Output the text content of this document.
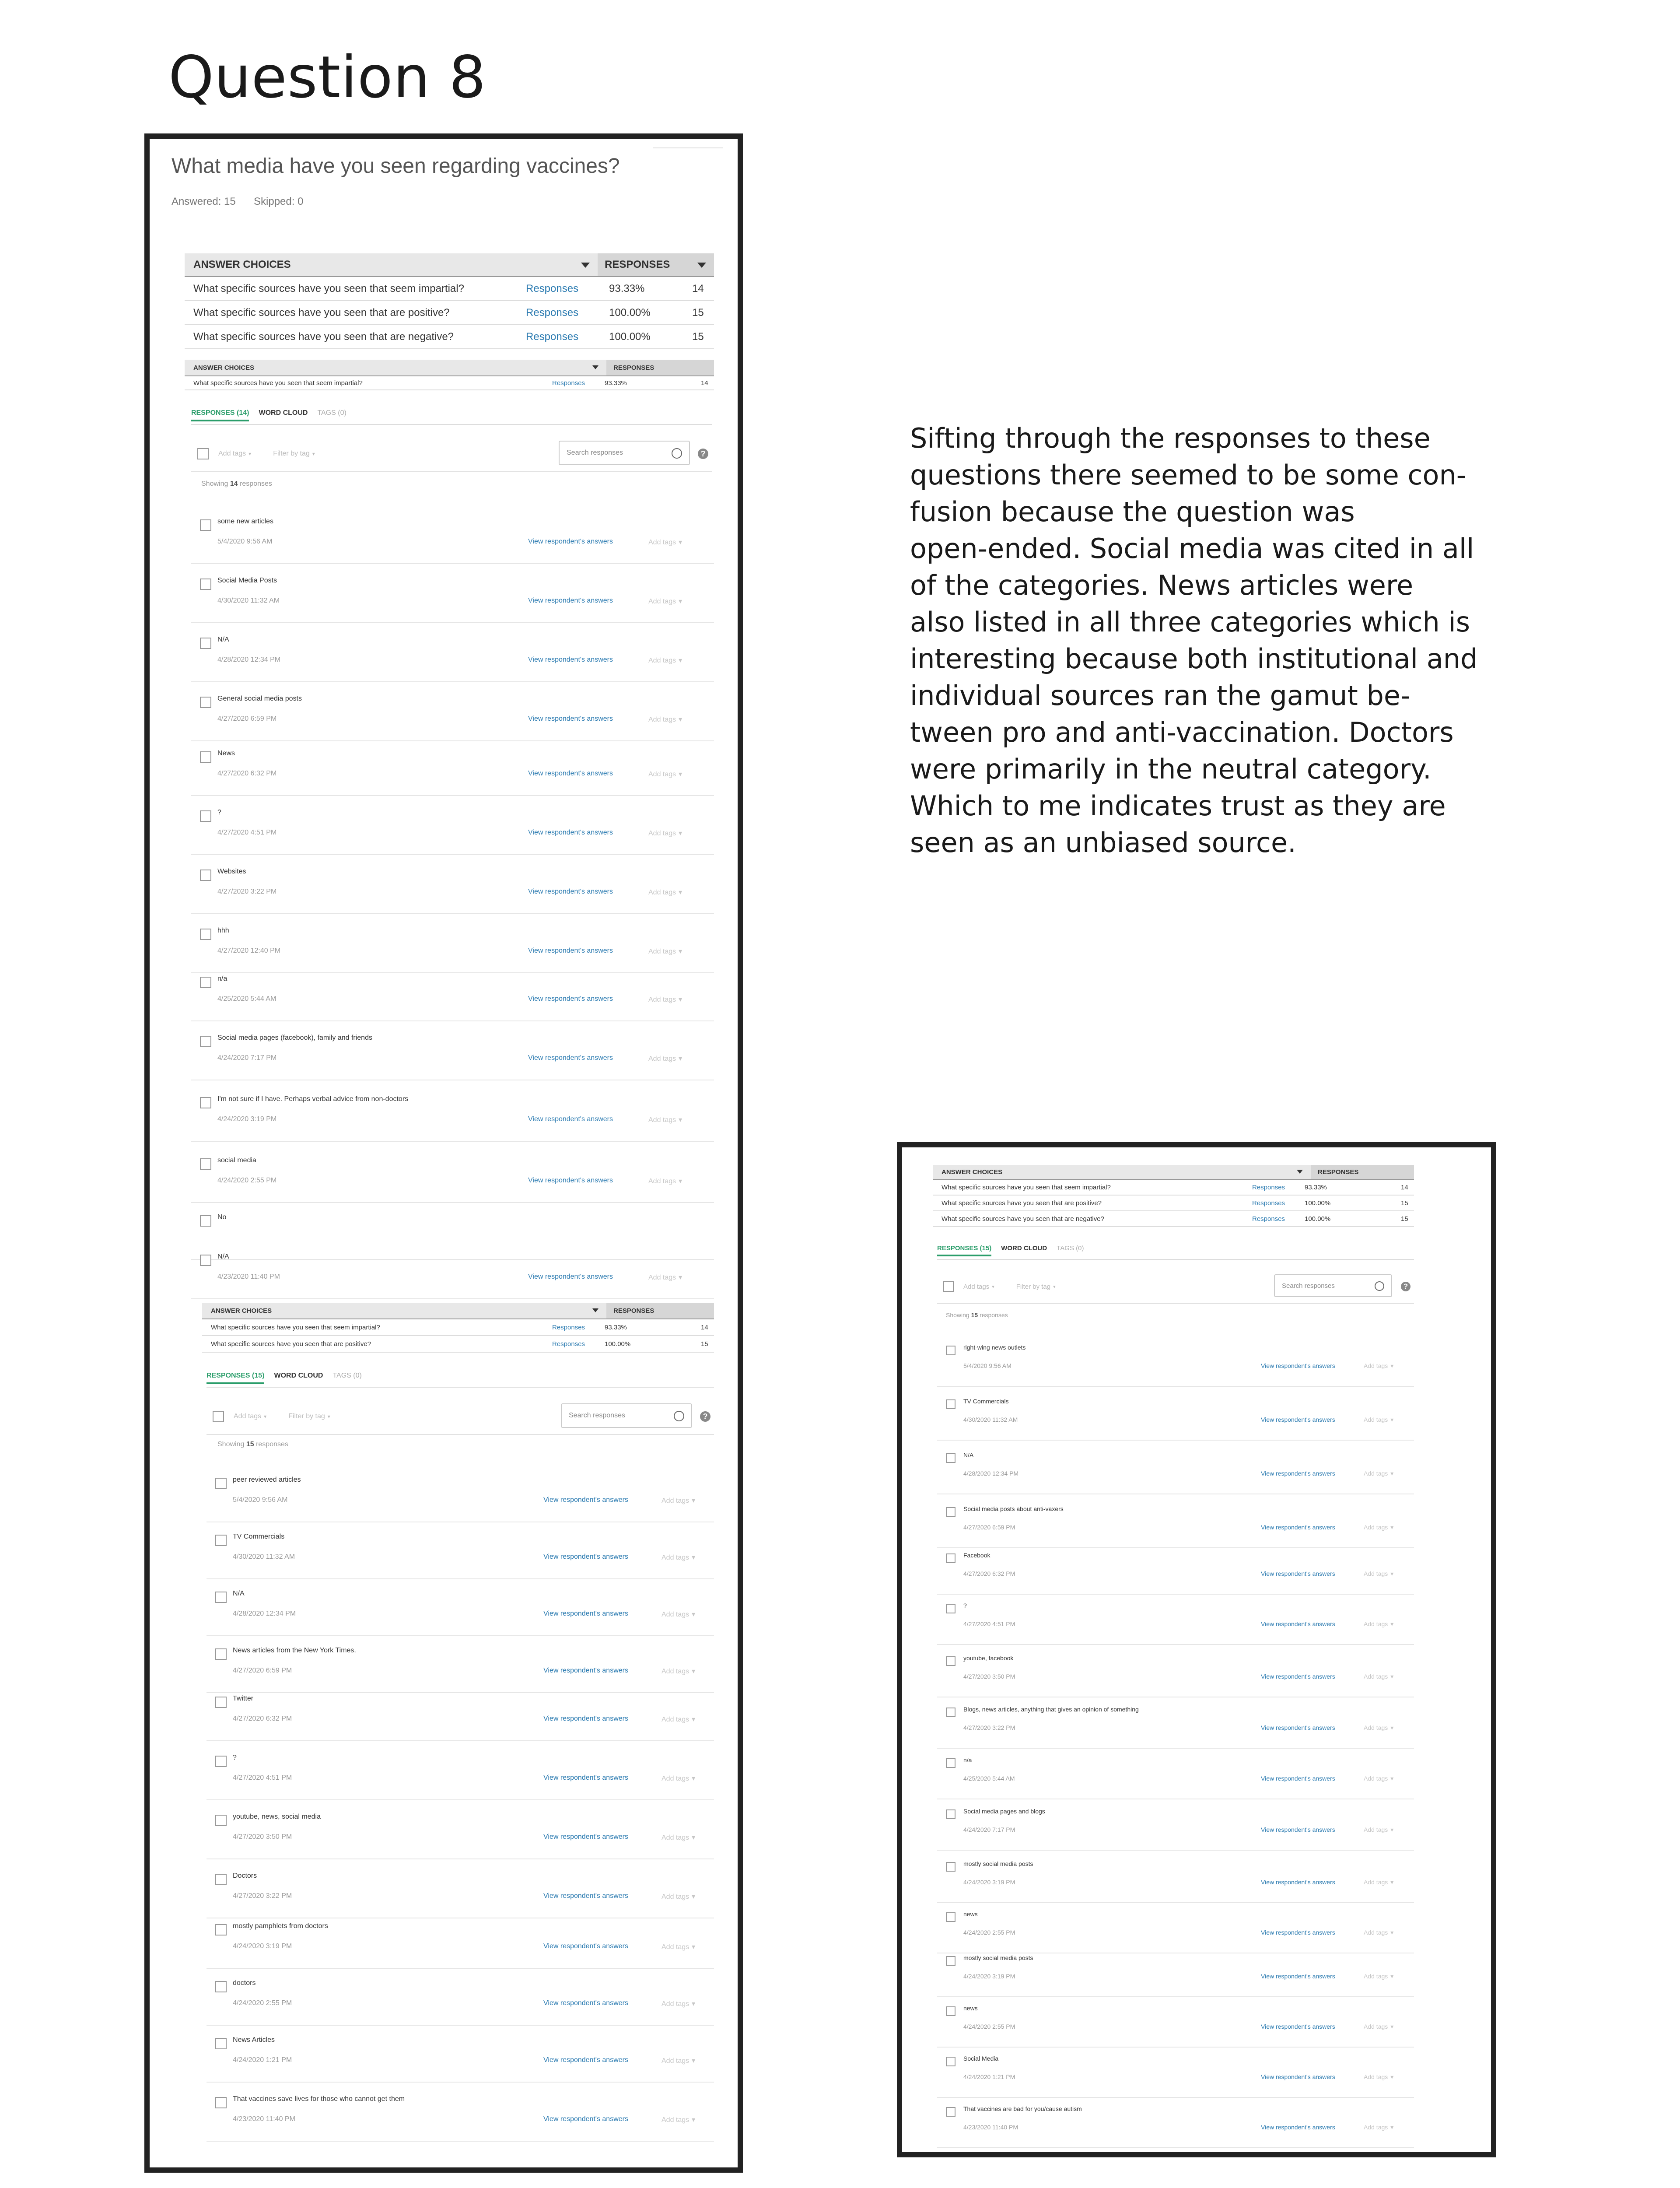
Question 8
Sifting through the responses to these
questions there seemed to be some con-
fusion because the question was
open-ended. Social media was cited in all
of the categories. News articles were
also listed in all three categories which is
interesting because both institutional and
individual sources ran the gamut be-
tween pro and anti-vaccination. Doctors
were primarily in the neutral category.
Which to me indicates trust as they are
seen as an unbiased source.
What media have you seen regarding vaccines?
Answered: 15 Skipped: 0
ANSWER CHOICES	RESPONSES
What specific sources have you seen that seem impartial?	Responses	93.33%	14
What specific sources have you seen that are positive?	Responses	100.00%	15
What specific sources have you seen that are negative?	Responses	100.00%	15
ANSWER CHOICES	RESPONSES
What specific sources have you seen that seem impartial?	Responses	93.33%	14
RESPONSES (14) WORD CLOUD TAGS (0)
Add tags ▾	Filter by tag ▾	Search responses	?
Showing 14 responses
some new articles
5/4/2020 9:56 AM	View respondent's answers	Add tags ▾
Social Media Posts
4/30/2020 11:32 AM	View respondent's answers	Add tags ▾
N/A
4/28/2020 12:34 PM	View respondent's answers	Add tags ▾
General social media posts
4/27/2020 6:59 PM	View respondent's answers	Add tags ▾
News
4/27/2020 6:32 PM	View respondent's answers	Add tags ▾
?
4/27/2020 4:51 PM	View respondent's answers	Add tags ▾
Websites
4/27/2020 3:22 PM	View respondent's answers	Add tags ▾
hhh
4/27/2020 12:40 PM	View respondent's answers	Add tags ▾
n/a
4/25/2020 5:44 AM	View respondent's answers	Add tags ▾
Social media pages (facebook), family and friends
4/24/2020 7:17 PM	View respondent's answers	Add tags ▾
I'm not sure if I have. Perhaps verbal advice from non-doctors
4/24/2020 3:19 PM	View respondent's answers	Add tags ▾
social media
4/24/2020 2:55 PM	View respondent's answers	Add tags ▾
No
N/A
4/23/2020 11:40 PM	View respondent's answers	Add tags ▾
ANSWER CHOICES	RESPONSES
What specific sources have you seen that seem impartial?	Responses	93.33%	14
What specific sources have you seen that are positive?	Responses	100.00%	15
RESPONSES (15) WORD CLOUD TAGS (0)
Add tags ▾	Filter by tag ▾	Search responses	?
Showing 15 responses
peer reviewed articles
5/4/2020 9:56 AM	View respondent's answers	Add tags ▾
TV Commercials
4/30/2020 11:32 AM	View respondent's answers	Add tags ▾
N/A
4/28/2020 12:34 PM	View respondent's answers	Add tags ▾
News articles from the New York Times.
4/27/2020 6:59 PM	View respondent's answers	Add tags ▾
Twitter
4/27/2020 6:32 PM	View respondent's answers	Add tags ▾
?
4/27/2020 4:51 PM	View respondent's answers	Add tags ▾
youtube, news, social media
4/27/2020 3:50 PM	View respondent's answers	Add tags ▾
Doctors
4/27/2020 3:22 PM	View respondent's answers	Add tags ▾
mostly pamphlets from doctors
4/24/2020 3:19 PM	View respondent's answers	Add tags ▾
doctors
4/24/2020 2:55 PM	View respondent's answers	Add tags ▾
News Articles
4/24/2020 1:21 PM	View respondent's answers	Add tags ▾
That vaccines save lives for those who cannot get them
4/23/2020 11:40 PM	View respondent's answers	Add tags ▾
ANSWER CHOICES	RESPONSES
What specific sources have you seen that seem impartial?	Responses	93.33%	14
What specific sources have you seen that are positive?	Responses	100.00%	15
What specific sources have you seen that are negative?	Responses	100.00%	15
RESPONSES (15) WORD CLOUD TAGS (0)
Add tags ▾	Filter by tag ▾	Search responses	?
Showing 15 responses
right-wing news outlets
5/4/2020 9:56 AM	View respondent's answers	Add tags ▾
TV Commercials
4/30/2020 11:32 AM	View respondent's answers	Add tags ▾
N/A
4/28/2020 12:34 PM	View respondent's answers	Add tags ▾
Social media posts about anti-vaxers
4/27/2020 6:59 PM	View respondent's answers	Add tags ▾
Facebook
4/27/2020 6:32 PM	View respondent's answers	Add tags ▾
?
4/27/2020 4:51 PM	View respondent's answers	Add tags ▾
youtube, facebook
4/27/2020 3:50 PM	View respondent's answers	Add tags ▾
Blogs, news articles, anything that gives an opinion of something
4/27/2020 3:22 PM	View respondent's answers	Add tags ▾
n/a
4/25/2020 5:44 AM	View respondent's answers	Add tags ▾
Social media pages and blogs
4/24/2020 7:17 PM	View respondent's answers	Add tags ▾
mostly social media posts
4/24/2020 3:19 PM	View respondent's answers	Add tags ▾
news
4/24/2020 2:55 PM	View respondent's answers	Add tags ▾
mostly social media posts
4/24/2020 3:19 PM	View respondent's answers	Add tags ▾
news
4/24/2020 2:55 PM	View respondent's answers	Add tags ▾
Social Media
4/24/2020 1:21 PM	View respondent's answers	Add tags ▾
That vaccines are bad for you/cause autism
4/23/2020 11:40 PM	View respondent's answers	Add tags ▾
